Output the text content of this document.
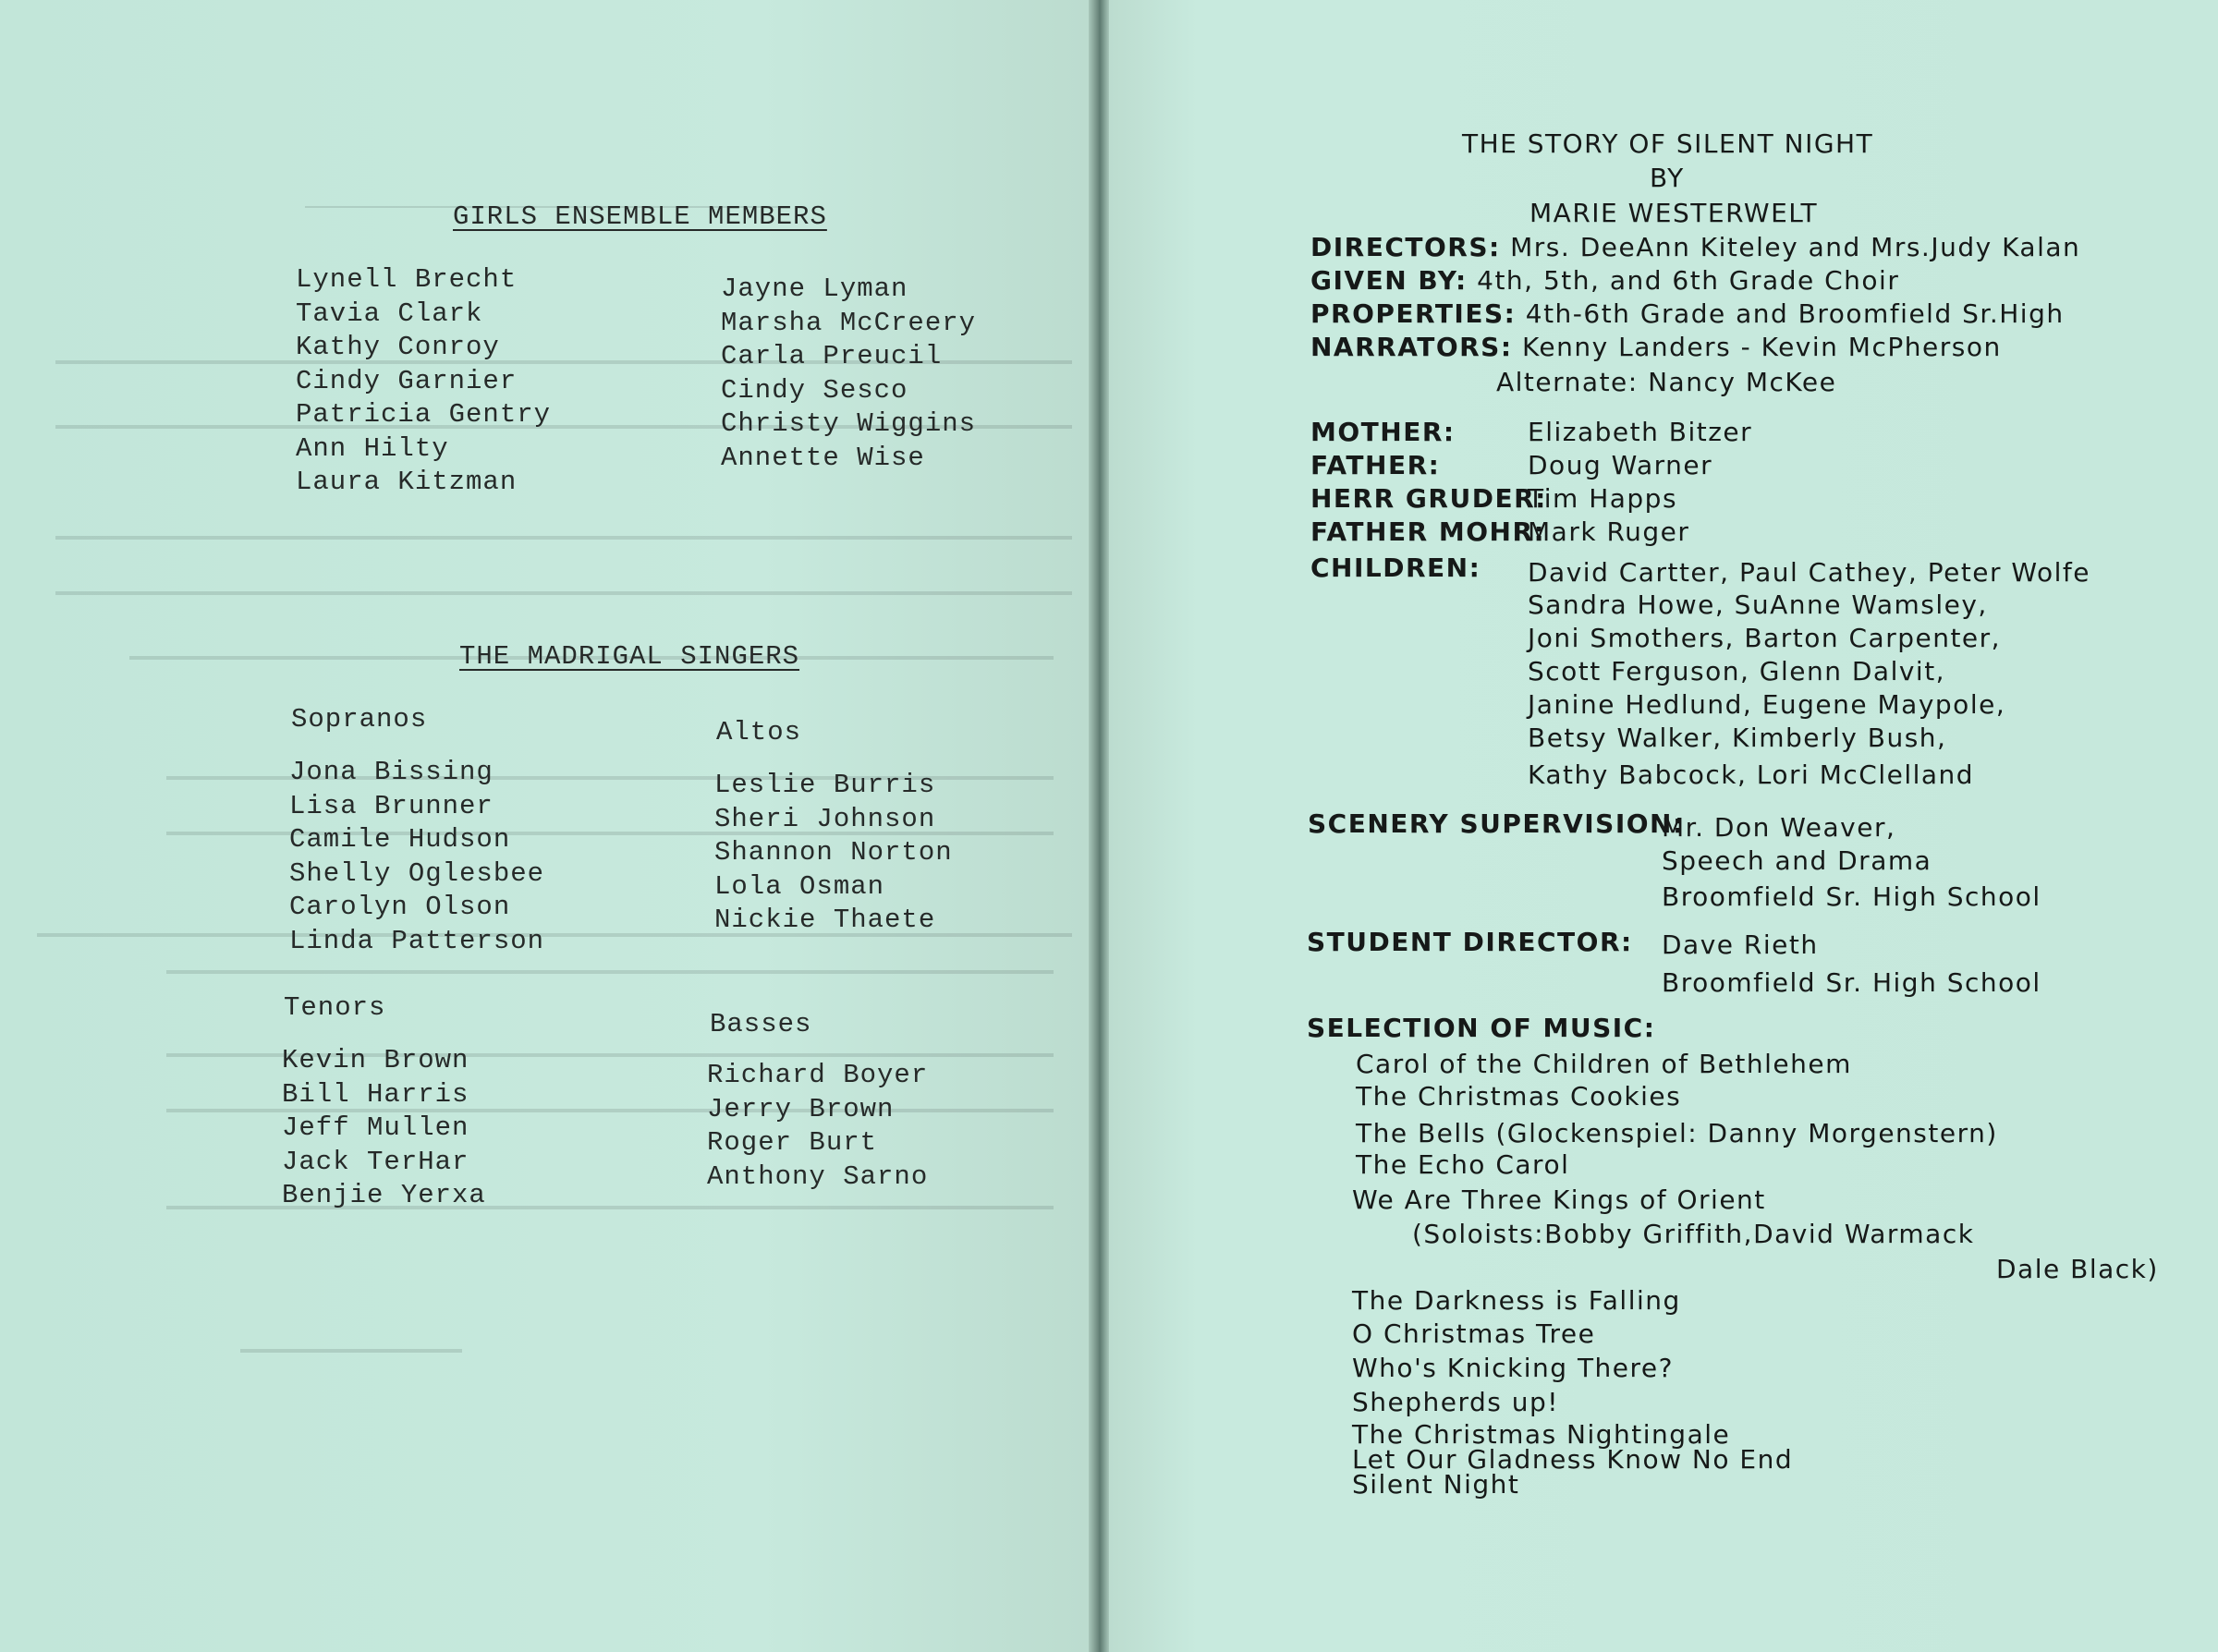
GIRLS ENSEMBLE MEMBERS
Lynell Brecht
Tavia Clark
Kathy Conroy
Cindy Garnier
Patricia Gentry
Ann Hilty
Laura Kitzman
Jayne Lyman
Marsha McCreery
Carla Preucil
Cindy Sesco
Christy Wiggins
Annette Wise
THE MADRIGAL SINGERS
Sopranos
Jona Bissing
Lisa Brunner
Camile Hudson
Shelly Oglesbee
Carolyn Olson
Linda Patterson
Altos
Leslie Burris
Sheri Johnson
Shannon Norton
Lola Osman
Nickie Thaete
Tenors
Kevin Brown
Bill Harris
Jeff Mullen
Jack TerHar
Benjie Yerxa
Basses
Richard Boyer
Jerry Brown
Roger Burt
Anthony Sarno
THE STORY OF SILENT NIGHT
BY
MARIE WESTERWELT
DIRECTORS: Mrs. DeeAnn Kiteley and Mrs.Judy Kalan
GIVEN BY: 4th, 5th, and 6th Grade Choir
PROPERTIES: 4th-6th Grade and Broomfield Sr.High
NARRATORS: Kenny Landers - Kevin McPherson
Alternate: Nancy McKee
MOTHER:	Elizabeth Bitzer
FATHER:	Doug Warner
HERR GRUDER:
Tim Happs
FATHER MOHR:
Mark Ruger
CHILDREN: David Cartter, Paul Cathey, Peter Wolfe
Sandra Howe, SuAnne Wamsley,
Joni Smothers, Barton Carpenter,
Scott Ferguson, Glenn Dalvit,
Janine Hedlund, Eugene Maypole,
Betsy Walker, Kimberly Bush,
Kathy Babcock, Lori McClelland
SCENERY SUPERVISION:
Mr. Don Weaver,
Speech and Drama
Broomfield Sr. High School
STUDENT DIRECTOR: Dave Rieth
Broomfield Sr. High School
SELECTION OF MUSIC:
Carol of the Children of Bethlehem
The Christmas Cookies
The Bells (Glockenspiel: Danny Morgenstern)
The Echo Carol
We Are Three Kings of Orient
(Soloists:Bobby Griffith,David Warmack
Dale Black)
The Darkness is Falling
O Christmas Tree
Who's Knicking There?
Shepherds up!
The Christmas Nightingale
Let Our Gladness Know No End
Silent Night
